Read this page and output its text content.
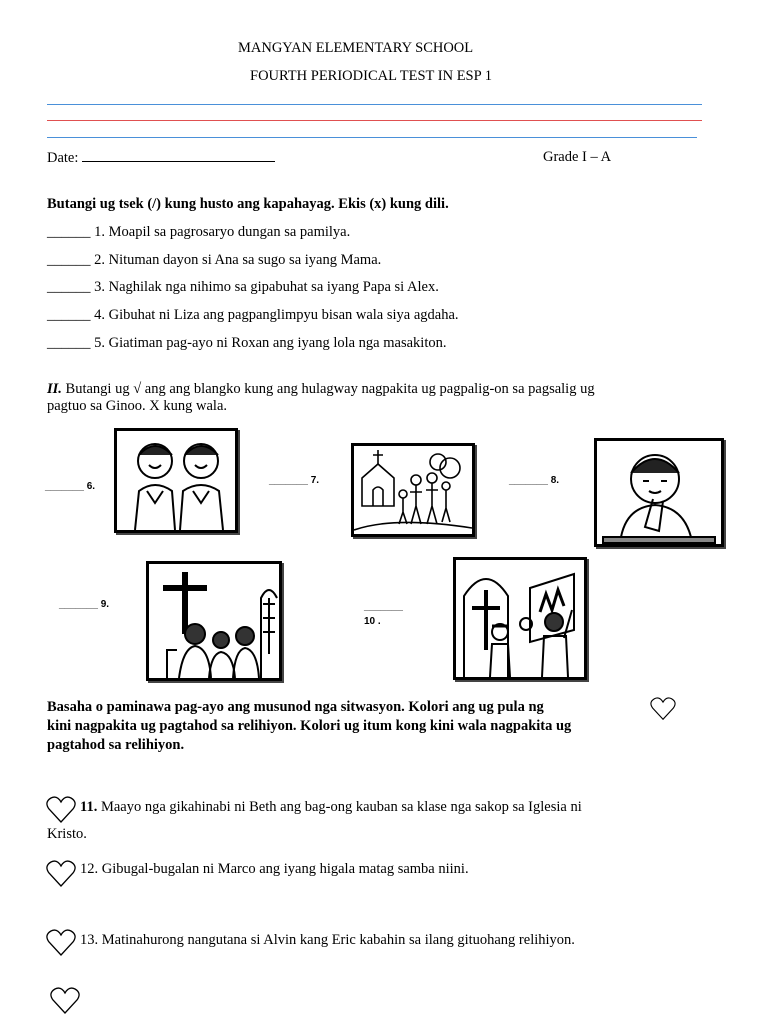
MANGYAN ELEMENTARY SCHOOL
FOURTH PERIODICAL TEST IN ESP 1
Date:	Grade I – A
Butangi ug tsek (/) kung husto ang kapahayag. Ekis (x) kung dili.
______ 1. Moapil sa pagrosaryo dungan sa pamilya.
______ 2. Nituman dayon si Ana sa sugo sa iyang Mama.
______ 3. Naghilak nga nihimo sa gipabuhat sa iyang Papa si Alex.
______ 4. Gibuhat ni Liza ang pagpanglimpyu bisan wala siya agdaha.
______ 5. Giatiman pag-ayo ni Roxan ang iyang lola nga masakiton.
II. Butangi ug √ ang ang blangko kung ang hulagway nagpakita ug pagpalig-on sa pagsalig ug
pagtuo sa Ginoo. X kung wala.
_______ 6.
_______ 7.	_______ 8.
_______ 9.	_______
10 .
Basaha o paminawa pag-ayo ang musunod nga sitwasyon. Kolori ang ug pula ng
kini nagpakita ug pagtahod sa relihiyon. Kolori ug itum kong kini wala nagpakita ug
pagtahod sa relihiyon.
11. Maayo nga gikahinabi ni Beth ang bag-ong kauban sa klase nga sakop sa Iglesia ni
Kristo.
12. Gibugal-bugalan ni Marco ang iyang higala matag samba niini.
13. Matinahurong nangutana si Alvin kang Eric kabahin sa ilang gituohang relihiyon.
